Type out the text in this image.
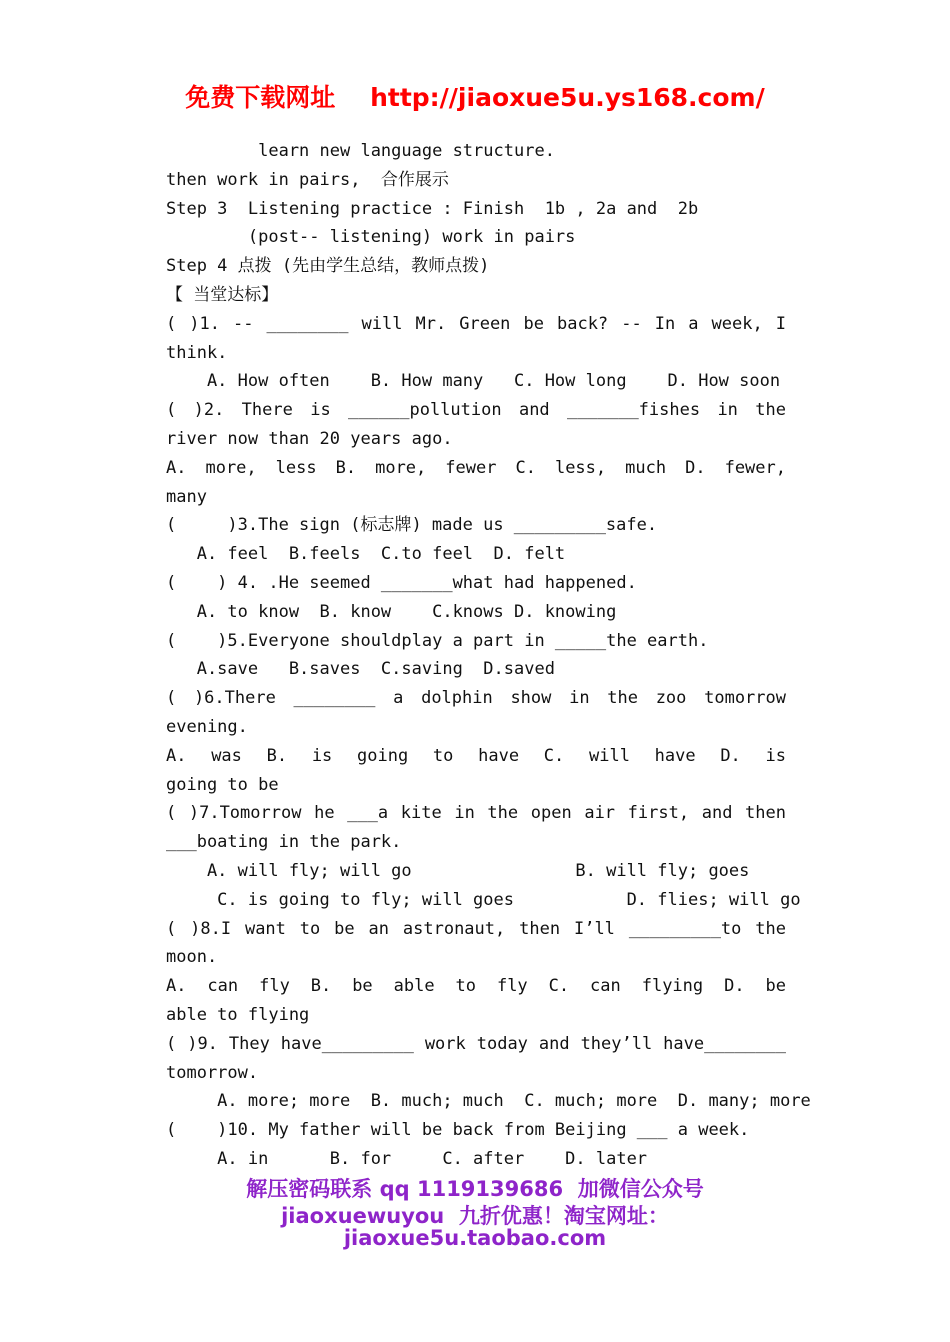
免费下载网址    http://jiaoxue5u.ys168.com/
learn new language structure.
then work in pairs,  合作展示
Step 3  Listening practice : Finish  1b , 2a and  2b
(post-- listening) work in pairs
Step 4 点拨 (先由学生总结，教师点拨)
【 当堂达标】
( )1. -- ________ will Mr. Green be back? -- In a week, I
think.
A. How often    B. How many   C. How long    D. How soon
( )2. There is ______pollution and _______fishes in the
river now than 20 years ago.
A. more, less B. more, fewer C. less, much D. fewer,
many
(     )3.The sign (标志牌) made us _________safe.
A. feel  B.feels  C.to feel  D. felt
(    ) 4. .He seemed _______what had happened.
A. to know  B. know    C.knows D. knowing
(    )5.Everyone shouldplay a part in _____the earth.
A.save   B.saves  C.saving  D.saved
( )6.There ________ a dolphin show in the zoo tomorrow
evening.
A. was B. is going to have C. will have D. is
going to be
( )7.Tomorrow he ___a kite in the open air first, and then
___boating in the park.
A. will fly; will go                B. will fly; goes
C. is going to fly; will goes           D. flies; will go
( )8.I want to be an astronaut, then I’ll _________to the
moon.
A. can fly B. be able to fly C. can flying D. be
able to flying
( )9. They have_________ work today and they’ll have________
tomorrow.
A. more; more  B. much; much  C. much; more  D. many; more
(    )10. My father will be back from Beijing ___ a week.
A. in      B. for     C. after    D. later
解压密码联系 qq 1119139686  加微信公众号
jiaoxuewuyou  九折优惠！淘宝网址：
jiaoxue5u.taobao.com
